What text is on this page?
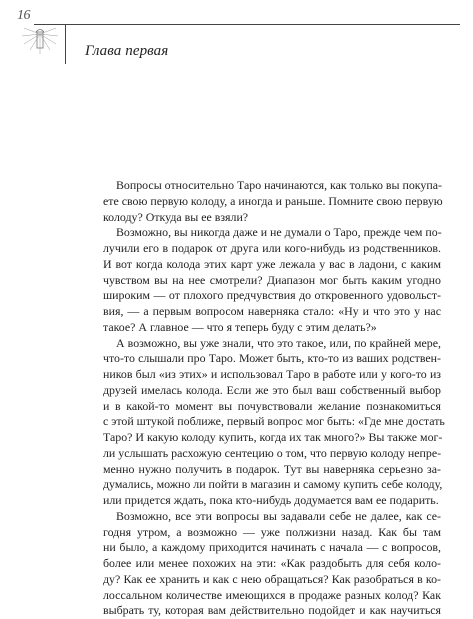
16
Глава первая
Вопросы относительно Таро начинаются, как только вы покупа-
ете свою первую колоду, а иногда и раньше. Помните свою первую
колоду? Откуда вы ее взяли?
Возможно, вы никогда даже и не думали о Таро, прежде чем по-
лучили его в подарок от друга или кого-нибудь из родственников.
И вот когда колода этих карт уже лежала у вас в ладони, с каким
чувством вы на нее смотрели? Диапазон мог быть каким угодно
широким — от плохого предчувствия до откровенного удовольст-
вия, — а первым вопросом наверняка стало: «Ну и что это у нас
такое? А главное — что я теперь буду с этим делать?»
А возможно, вы уже знали, что это такое, или, по крайней мере,
что-то слышали про Таро. Может быть, кто-то из ваших родствен-
ников был «из этих» и использовал Таро в работе или у кого-то из
друзей имелась колода. Если же это был ваш собственный выбор
и в какой-то момент вы почувствовали желание познакомиться
с этой штукой поближе, первый вопрос мог быть: «Где мне достать
Таро? И какую колоду купить, когда их так много?» Вы также мог-
ли услышать расхожую сентецию о том, что первую колоду непре-
менно нужно получить в подарок. Тут вы наверняка серьезно за-
думались, можно ли пойти в магазин и самому купить себе колоду,
или придется ждать, пока кто-нибудь додумается вам ее подарить.
Возможно, все эти вопросы вы задавали себе не далее, как се-
годня утром, а возможно — уже полжизни назад. Как бы там
ни было, а каждому приходится начинать с начала — с вопросов,
более или менее похожих на эти: «Как раздобыть для себя коло-
ду? Как ее хранить и как с нею обращаться? Как разобраться в ко-
лоссальном количестве имеющихся в продаже разных колод? Как
выбрать ту, которая вам действительно подойдет и как научиться
